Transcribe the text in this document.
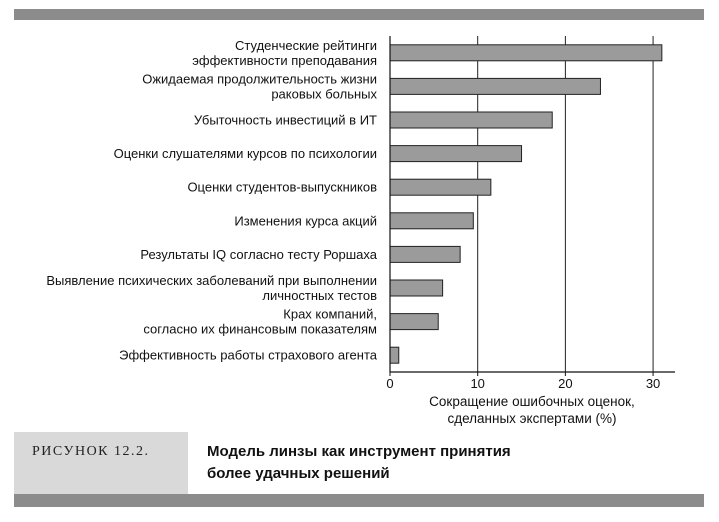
Студенческие рейтинги
эффективности преподавания
Ожидаемая продолжительность жизни
раковых больных
Убыточность инвестиций в ИТ
Оценки слушателями курсов по психологии
Оценки студентов-выпускников
Изменения курса акций
Результаты IQ согласно тесту Роршаха
Выявление психических заболеваний при выполнении
личностных тестов
Крах компаний,
согласно их финансовым показателям
Эффективность работы страхового агента
0	10	20	30
Сокращение ошибочных оценок,
сделанных экспертами (%)
РИСУНОК 12.2.	Модель линзы как инструмент принятия
более удачных решений
